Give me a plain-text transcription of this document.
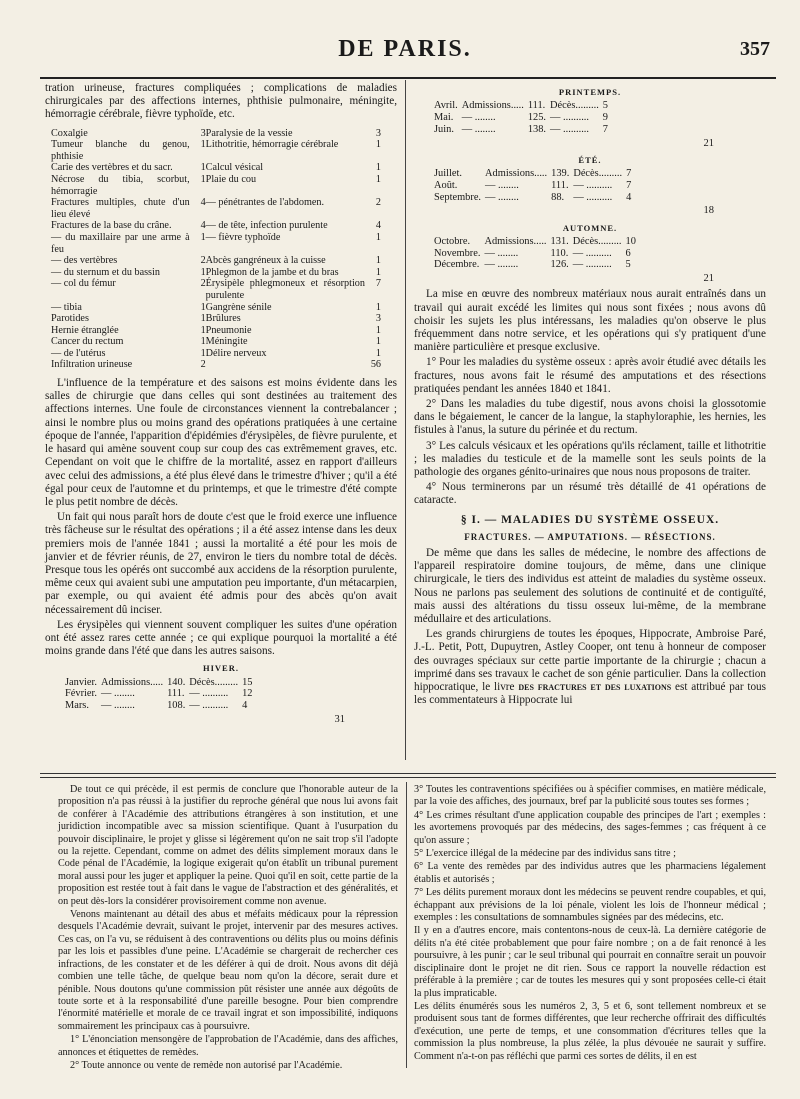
DE PARIS.	357

tration urineuse, fractures compliquées ; complications de maladies chirurgicales par des affections internes, phthisie pulmonaire, méningite, hémorragie cérébrale, fièvre typhoïde, etc.

Coxalgie	3	Paralysie de la vessie	3
Tumeur blanche du genou, phthisie	1	Lithotritie, hémorragie cérébrale	1
Carie des vertèbres et du sacr.	1	Calcul vésical	1
Nécrose du tibia, scorbut, hémorragie	1	Plaie du cou	1
Fractures multiples, chute d'un lieu élevé	4	— pénétrantes de l'abdomen.	2
Fractures de la base du crâne.	4	— de tête, infection purulente	4
— du maxillaire par une arme à feu	1	— fièvre typhoïde	1
— des vertèbres	2	Abcès gangréneux à la cuisse	1
— du sternum et du bassin	1	Phlegmon de la jambe et du bras	1
— col du fémur	2	Érysipèle phlegmoneux et résorption purulente	7
— tibia	1	Gangrène sénile	1
Parotides	1	Brûlures	3
Hernie étranglée	1	Pneumonie	1
Cancer du rectum	1	Méningite	1
— de l'utérus	1	Délire nerveux	1
Infiltration urineuse	2		56

L'influence de la température et des saisons est moins évidente dans les salles de chirurgie que dans celles qui sont destinées au traitement des affections internes. Une foule de circonstances viennent la contrebalancer ; ainsi le nombre plus ou moins grand des opérations pratiquées à une certaine époque de l'année, l'apparition d'épidémies d'érysipèles, de fièvre purulente, et le hasard qui amène souvent coup sur coup des cas extrêmement graves, etc. Cependant on voit que le chiffre de la mortalité, assez en rapport d'ailleurs avec celui des admissions, a été plus élevé dans le trimestre d'hiver ; qu'il a été égal pour ceux de l'automne et du printemps, et que le trimestre d'été compte le plus petit nombre de décès.

Un fait qui nous paraît hors de doute c'est que le froid exerce une influence très fâcheuse sur le résultat des opérations ; il a été assez intense dans les deux premiers mois de l'année 1841 ; aussi la mortalité a été pour les mois de janvier et de février réunis, de 27, environ le tiers du nombre total de décès. Presque tous les opérés ont succombé aux accidens de la résorption purulente, même ceux qui avaient subi une amputation peu importante, d'un métacarpien, par exemple, ou qui avaient été admis pour des abcès qu'on avait nécessairement dû inciser.

Les érysipèles qui viennent souvent compliquer les suites d'une opération ont été assez rares cette année ; ce qui explique pourquoi la mortalité a été moins grande dans l'été que dans les autres saisons.

HIVER.
Janvier.	Admissions.....	140.	Décès.........	15
Février.	— ........	111.	— ..........	12
Mars.	— ........	108.	— ..........	4
31
PRINTEMPS.
Avril.	Admissions.....	111.	Décès.........	5
Mai.	— ........	125.	— ..........	9
Juin.	— ........	138.	— ..........	7
21
ÉTÉ.
Juillet.	Admissions.....	139.	Décès.........	7
Août.	— ........	111.	— ..........	7
Septembre.	— ........	88.	— ..........	4
18
AUTOMNE.
Octobre.	Admissions.....	131.	Décès.........	10
Novembre.	— ........	110.	— ..........	6
Décembre.	— ........	126.	— ..........	5
21

La mise en œuvre des nombreux matériaux nous aurait entraînés dans un travail qui aurait excédé les limites qui nous sont fixées ; nous avons dû choisir les sujets les plus intéressans, les maladies qu'on observe le plus fréquemment dans notre service, et les opérations qui s'y pratiquent d'une manière particulière et presque exclusive.

1° Pour les maladies du système osseux : après avoir étudié avec détails les fractures, nous avons fait le résumé des amputations et des résections pratiquées pendant les années 1840 et 1841.

2° Dans les maladies du tube digestif, nous avons choisi la glossotomie dans le bégaiement, le cancer de la langue, la staphyloraphie, les hernies, les fistules à l'anus, la suture du périnée et du rectum.

3° Les calculs vésicaux et les opérations qu'ils réclament, taille et lithotritie ; les maladies du testicule et de la mamelle sont les seuls points de la pathologie des organes génito-urinaires que nous nous proposons de traiter.

4° Nous terminerons par un résumé très détaillé de 41 opérations de cataracte.

§ I. — MALADIES DU SYSTÈME OSSEUX.
FRACTURES. — AMPUTATIONS. — RÉSECTIONS.

De même que dans les salles de médecine, le nombre des affections de l'appareil respiratoire domine toujours, de même, dans une clinique chirurgicale, le tiers des individus est atteint de maladies du système osseux. Nous ne parlons pas seulement des solutions de continuité et de contiguïté, mais aussi des altérations du tissu osseux lui-même, de la membrane médullaire et des articulations.

Les grands chirurgiens de toutes les époques, Hippocrate, Ambroise Paré, J.-L. Petit, Pott, Dupuytren, Astley Cooper, ont tenu à honneur de composer des ouvrages spéciaux sur cette partie importante de la chirurgie ; chacun a imprimé dans ses travaux le cachet de son génie particulier. Dans la collection hippocratique, le livre des fractures et des luxations est attribué par tous les commentateurs à Hippocrate lui

De tout ce qui précède, il est permis de conclure que l'honorable auteur de la proposition n'a pas réussi à la justifier du reproche général que nous lui avons fait de conférer à l'Académie des attributions étrangères à son institution, et une juridiction incompatible avec sa mission scientifique. Quant à l'usurpation du pouvoir disciplinaire, le projet y glisse si légèrement qu'on ne sait trop s'il l'adopte ou la rejette. Cependant, comme on admet des délits simplement moraux dans le Code pénal de l'Académie, la logique exigerait qu'on établît un tribunal purement moral aussi pour les juger et appliquer la peine. Quoi qu'il en soit, cette partie de la proposition est restée tout à fait dans le vague de l'abstraction et des généralités, et on peut dès-lors la considérer provisoirement comme non avenue.

Venons maintenant au détail des abus et méfaits médicaux pour la répression desquels l'Académie devrait, suivant le projet, intervenir par des mesures actives. Ces cas, on l'a vu, se réduisent à des contraventions ou délits plus ou moins définis par les lois et passibles d'une peine. L'Académie se chargerait de rechercher ces infractions, de les constater et de les déférer à qui de droit. Nous avons dit déjà combien une telle tâche, de quelque beau nom qu'on la décore, serait dure et pénible. Nous doutons qu'une commission pût résister une année aux dégoûts de toute sorte et à la responsabilité d'une pareille besogne. Pour bien comprendre l'énormité matérielle et morale de ce travail ingrat et son impossibilité, indiquons sommairement les principaux cas à poursuivre.

1° L'énonciation mensongère de l'approbation de l'Académie, dans des affiches, annonces et étiquettes de remèdes.

2° Toute annonce ou vente de remède non autorisé par l'Académie.

3° Toutes les contraventions spécifiées ou à spécifier commises, en matière médicale, par la voie des affiches, des journaux, bref par la publicité sous toutes ses formes ;

4° Les crimes résultant d'une application coupable des principes de l'art ; exemples : les avortemens provoqués par des médecins, des sages-femmes ; cas fréquent à ce qu'on assure ;

5° L'exercice illégal de la médecine par des individus sans titre ;

6° La vente des remèdes par des individus autres que les pharmaciens légalement établis et autorisés ;

7° Les délits purement moraux dont les médecins se peuvent rendre coupables, et qui, échappant aux prévisions de la loi pénale, violent les lois de l'honneur médical ; exemples : les consultations de somnambules signées par des médecins, etc.

Il y en a d'autres encore, mais contentons-nous de ceux-là. La dernière catégorie de délits n'a été citée probablement que pour faire nombre ; on a de fait renoncé à les poursuivre, à les punir ; car le seul tribunal qui pourrait en connaître serait un pouvoir disciplinaire dont le projet ne dit rien. Sous ce rapport la nouvelle rédaction est préférable à la première ; car de toutes les mesures qui y sont proposées celle-ci était la plus impraticable.

Les délits énumérés sous les numéros 2, 3, 5 et 6, sont tellement nombreux et se produisent sous tant de formes différentes, que leur recherche offrirait des difficultés d'exécution, une perte de temps, et une consommation d'écritures telles que la commission la plus nombreuse, la plus zélée, la plus dévouée ne saurait y suffire. Comment n'a-t-on pas réfléchi que parmi ces sortes de délits, il en est
